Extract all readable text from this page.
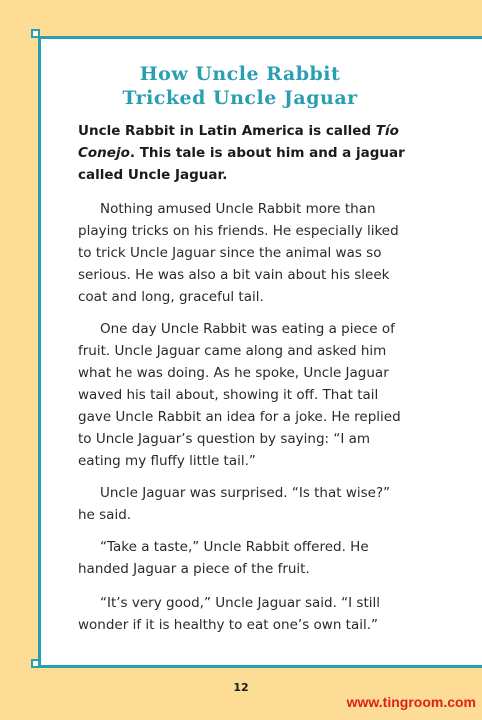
How Uncle Rabbit
Tricked Uncle Jaguar

Uncle Rabbit in Latin America is called Tío Conejo. This tale is about him and a jaguar called Uncle Jaguar.

Nothing amused Uncle Rabbit more than playing tricks on his friends. He especially liked to trick Uncle Jaguar since the animal was so serious. He was also a bit vain about his sleek coat and long, graceful tail.

One day Uncle Rabbit was eating a piece of fruit. Uncle Jaguar came along and asked him what he was doing. As he spoke, Uncle Jaguar waved his tail about, showing it off. That tail gave Uncle Rabbit an idea for a joke. He replied to Uncle Jaguar’s question by saying: “I am eating my fluffy little tail.”

Uncle Jaguar was surprised. “Is that wise?” he said.

“Take a taste,” Uncle Rabbit offered. He handed Jaguar a piece of the fruit.

“It’s very good,” Uncle Jaguar said. “I still wonder if it is healthy to eat one’s own tail.”

12
www.tingroom.com
